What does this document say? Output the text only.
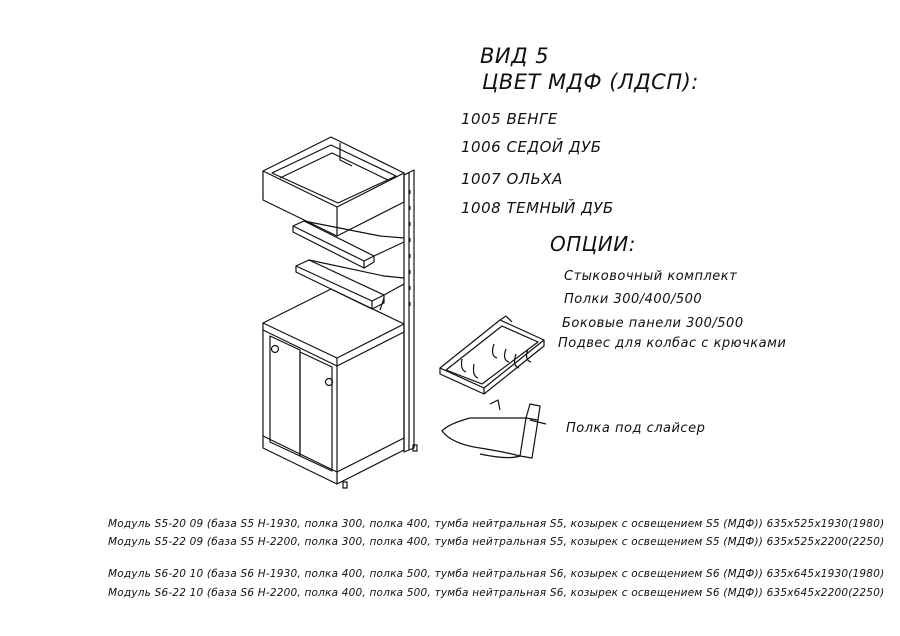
ВИД 5
ЦВЕТ МДФ (ЛДСП):
1005 ВЕНГЕ
1006 СЕДОЙ ДУБ
1007 ОЛЬХА
1008 ТЕМНЫЙ ДУБ
ОПЦИИ:
Стыковочный комплект
Полки 300/400/500
Боковые панели 300/500
Подвес для колбас с крючками
Полка под слайсер
Модуль S5-20 09 (база S5 H-1930, полка 300, полка 400, тумба нейтральная S5, козырек с освещением S5 (МДФ)) 635x525x1930(1980)
Модуль S5-22 09 (база S5 H-2200, полка 300, полка 400, тумба нейтральная S5, козырек с освещением S5 (МДФ)) 635x525x2200(2250)
Модуль S6-20 10 (база S6 H-1930, полка 400, полка 500, тумба нейтральная S6, козырек с освещением S6 (МДФ)) 635x645x1930(1980)
Модуль S6-22 10 (база S6 H-2200, полка 400, полка 500, тумба нейтральная S6, козырек с освещением S6 (МДФ)) 635x645x2200(2250)
